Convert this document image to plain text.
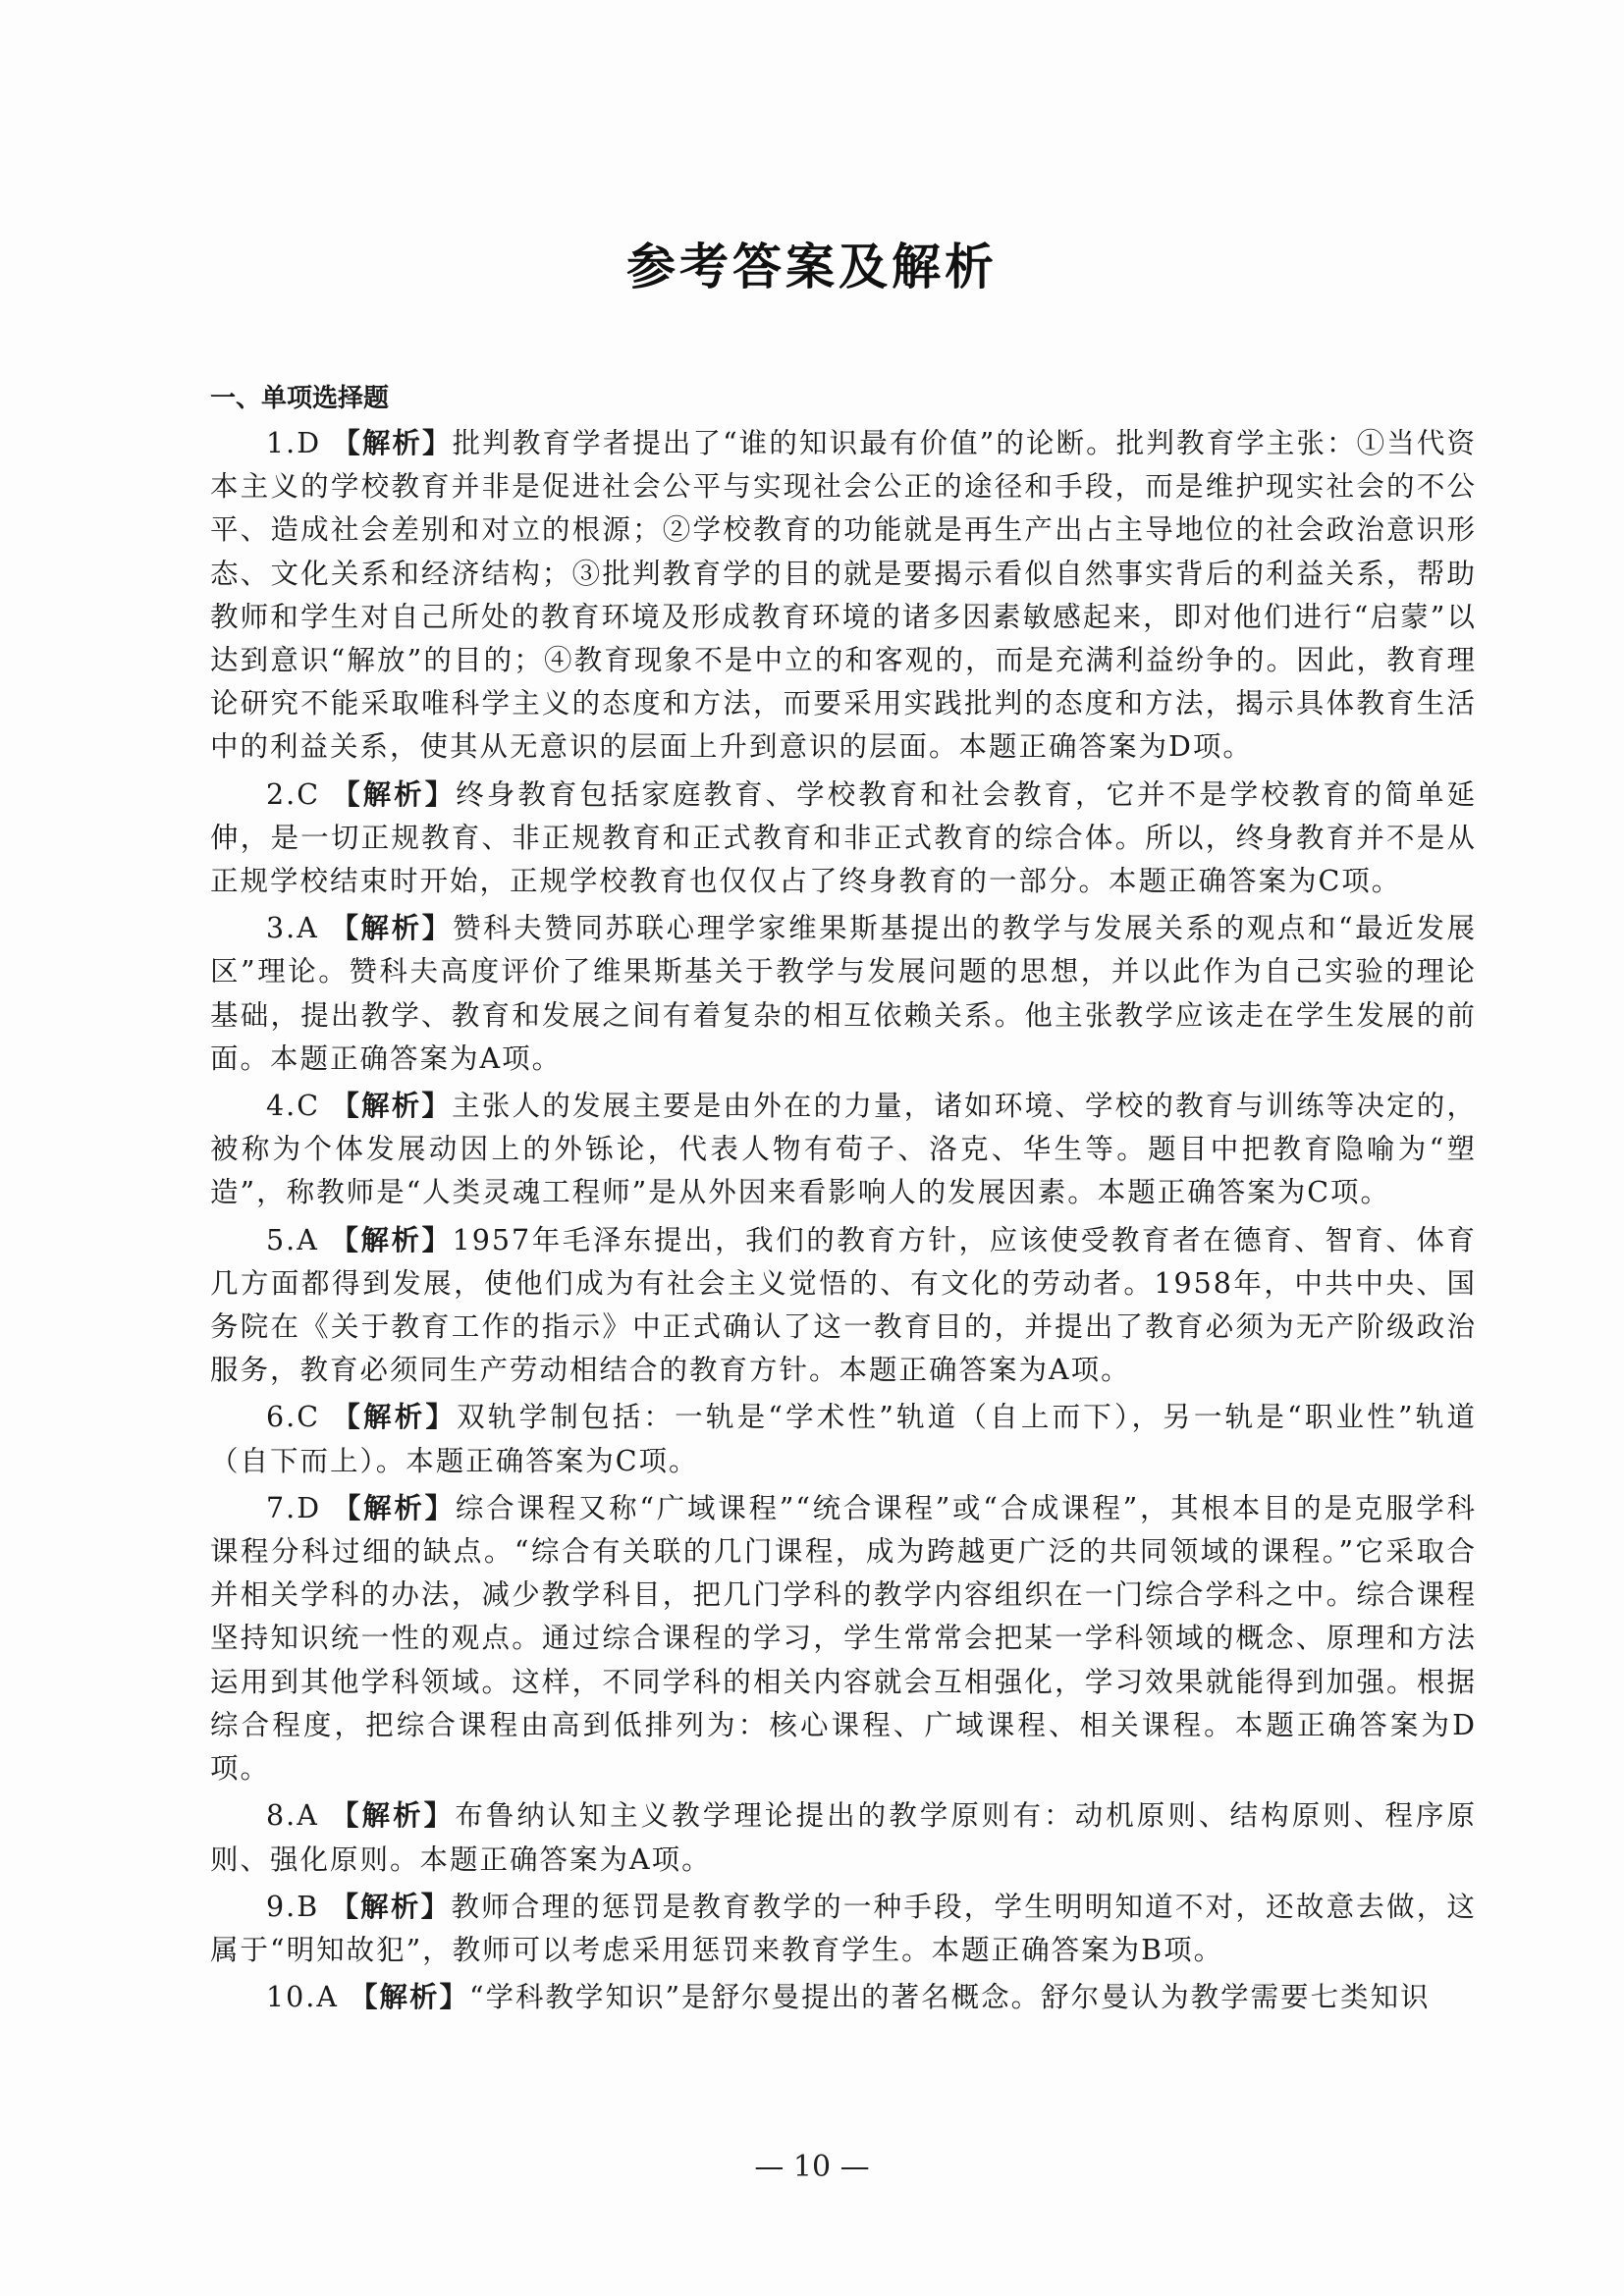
参考答案及解析
一、单项选择题

1.D 【解析】批判教育学者提出了“谁的知识最有价值”的论断。批判教育学主张：①当代资本主义的学校教育并非是促进社会公平与实现社会公正的途径和手段，而是维护现实社会的不公平、造成社会差别和对立的根源；②学校教育的功能就是再生产出占主导地位的社会政治意识形态、文化关系和经济结构；③批判教育学的目的就是要揭示看似自然事实背后的利益关系，帮助教师和学生对自己所处的教育环境及形成教育环境的诸多因素敏感起来，即对他们进行“启蒙”以达到意识“解放”的目的；④教育现象不是中立的和客观的，而是充满利益纷争的。因此，教育理论研究不能采取唯科学主义的态度和方法，而要采用实践批判的态度和方法，揭示具体教育生活中的利益关系，使其从无意识的层面上升到意识的层面。本题正确答案为D项。

2.C 【解析】终身教育包括家庭教育、学校教育和社会教育，它并不是学校教育的简单延伸，是一切正规教育、非正规教育和正式教育和非正式教育的综合体。所以，终身教育并不是从正规学校结束时开始，正规学校教育也仅仅占了终身教育的一部分。本题正确答案为C项。

3.A 【解析】赞科夫赞同苏联心理学家维果斯基提出的教学与发展关系的观点和“最近发展区”理论。赞科夫高度评价了维果斯基关于教学与发展问题的思想，并以此作为自己实验的理论基础，提出教学、教育和发展之间有着复杂的相互依赖关系。他主张教学应该走在学生发展的前面。本题正确答案为A项。

4.C 【解析】主张人的发展主要是由外在的力量，诸如环境、学校的教育与训练等决定的，被称为个体发展动因上的外铄论，代表人物有荀子、洛克、华生等。题目中把教育隐喻为“塑造”，称教师是“人类灵魂工程师”是从外因来看影响人的发展因素。本题正确答案为C项。

5.A 【解析】1957年毛泽东提出，我们的教育方针，应该使受教育者在德育、智育、体育几方面都得到发展，使他们成为有社会主义觉悟的、有文化的劳动者。1958年，中共中央、国务院在《关于教育工作的指示》中正式确认了这一教育目的，并提出了教育必须为无产阶级政治服务，教育必须同生产劳动相结合的教育方针。本题正确答案为A项。

6.C 【解析】双轨学制包括：一轨是“学术性”轨道（自上而下），另一轨是“职业性”轨道（自下而上）。本题正确答案为C项。

7.D 【解析】综合课程又称“广域课程”“统合课程”或“合成课程”，其根本目的是克服学科课程分科过细的缺点。“综合有关联的几门课程，成为跨越更广泛的共同领域的课程。”它采取合并相关学科的办法，减少教学科目，把几门学科的教学内容组织在一门综合学科之中。综合课程坚持知识统一性的观点。通过综合课程的学习，学生常常会把某一学科领域的概念、原理和方法运用到其他学科领域。这样，不同学科的相关内容就会互相强化，学习效果就能得到加强。根据综合程度，把综合课程由高到低排列为：核心课程、广域课程、相关课程。本题正确答案为D项。

8.A 【解析】布鲁纳认知主义教学理论提出的教学原则有：动机原则、结构原则、程序原则、强化原则。本题正确答案为A项。

9.B 【解析】教师合理的惩罚是教育教学的一种手段，学生明明知道不对，还故意去做，这属于“明知故犯”，教师可以考虑采用惩罚来教育学生。本题正确答案为B项。

10.A 【解析】“学科教学知识”是舒尔曼提出的著名概念。舒尔曼认为教学需要七类知识

— 10 —
